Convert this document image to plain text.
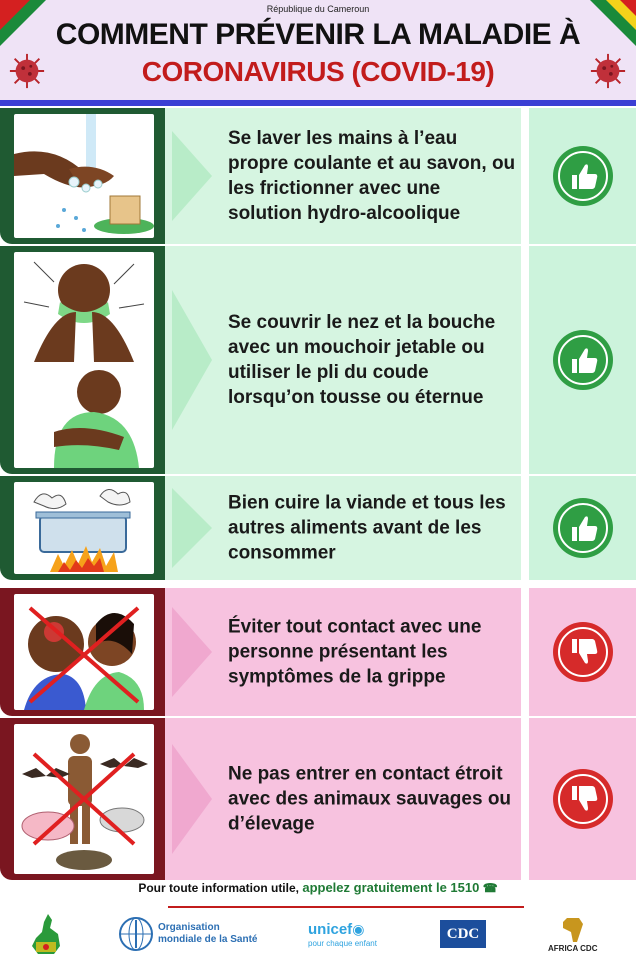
République du Cameroun
COMMENT PRÉVENIR LA MALADIE À
CORONAVIRUS (COVID-19)
Se laver les mains à l’eau propre coulante et au savon, ou les frictionner avec une solution hydro-alcoolique
Se couvrir le nez et la bouche avec un mouchoir jetable ou utiliser le pli du coude lorsqu’on tousse ou éternue
Bien cuire la viande et tous les autres aliments avant de les consommer
Éviter tout contact avec une personne présentant les symptômes de la grippe
Ne pas entrer en contact étroit avec des animaux sauvages ou d’élevage
Pour toute information utile, appelez gratuitement le 1510 ☎
Organisation
mondiale de la Santé
unicef◉
pour chaque enfant
CDC
AFRICA CDC
